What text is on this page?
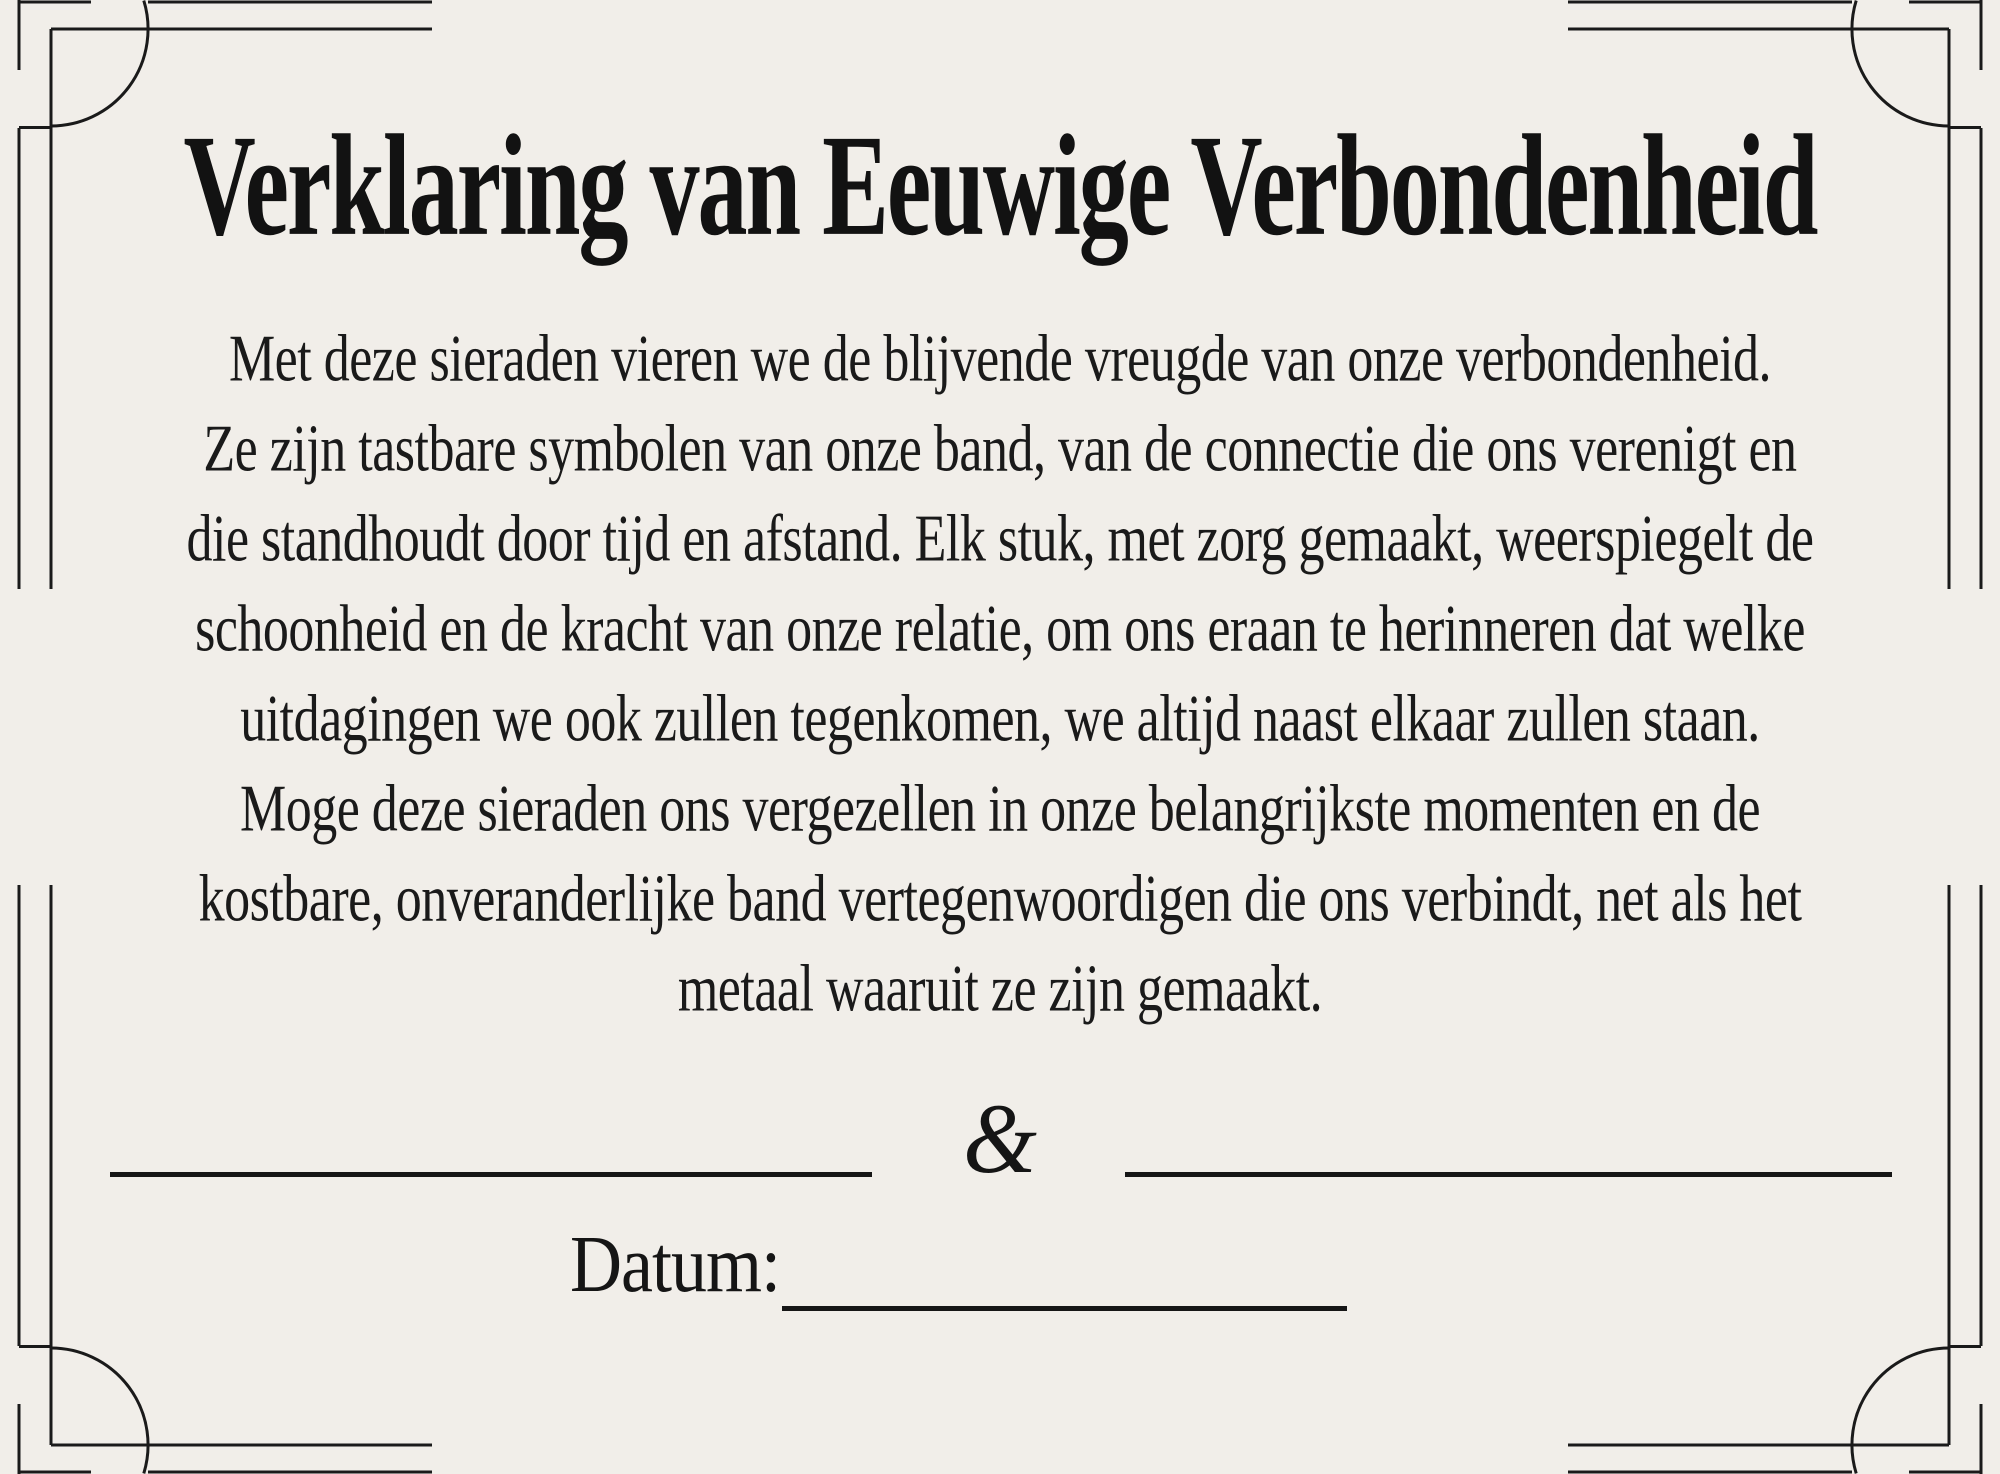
Verklaring van Eeuwige Verbondenheid
Met deze sieraden vieren we de blijvende vreugde van onze verbondenheid.
Ze zijn tastbare symbolen van onze band, van de connectie die ons verenigt en
die standhoudt door tijd en afstand. Elk stuk, met zorg gemaakt, weerspiegelt de
schoonheid en de kracht van onze relatie, om ons eraan te herinneren dat welke
uitdagingen we ook zullen tegenkomen, we altijd naast elkaar zullen staan.
Moge deze sieraden ons vergezellen in onze belangrijkste momenten en de
kostbare, onveranderlijke band vertegenwoordigen die ons verbindt, net als het
metaal waaruit ze zijn gemaakt.
&
Datum:
